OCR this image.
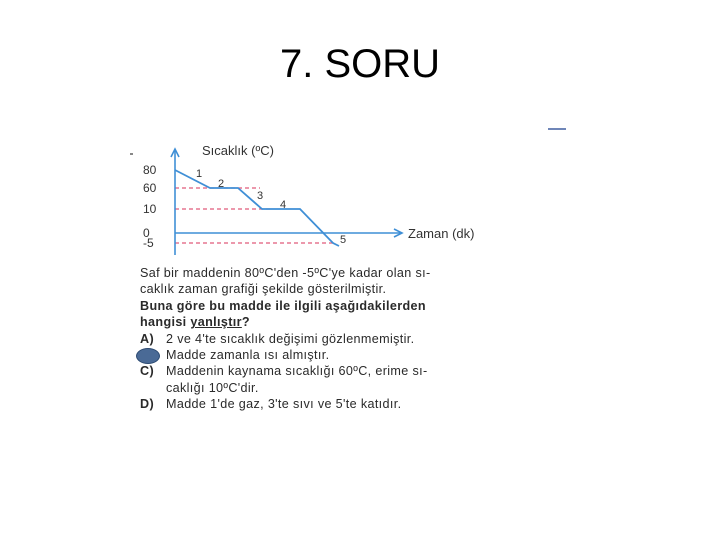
7. SORU
Sıcaklık (ºC)
Zaman (dk)
80
60
10
0
-5
1
2
3
4
5

Saf bir maddenin 80ºC'den -5ºC'ye kadar olan sı-

caklık zaman grafiği şekilde gösterilmiştir.

Buna göre bu madde ile ilgili aşağıdakilerden

hangisi yanlıştır?

A) 2 ve 4'te sıcaklık değişimi gözlenmemiştir.

Madde zamanla ısı almıştır.

C) Maddenin kaynama sıcaklığı 60ºC, erime sı-

caklığı 10ºC'dir.

D) Madde 1'de gaz, 3'te sıvı ve 5'te katıdır.
